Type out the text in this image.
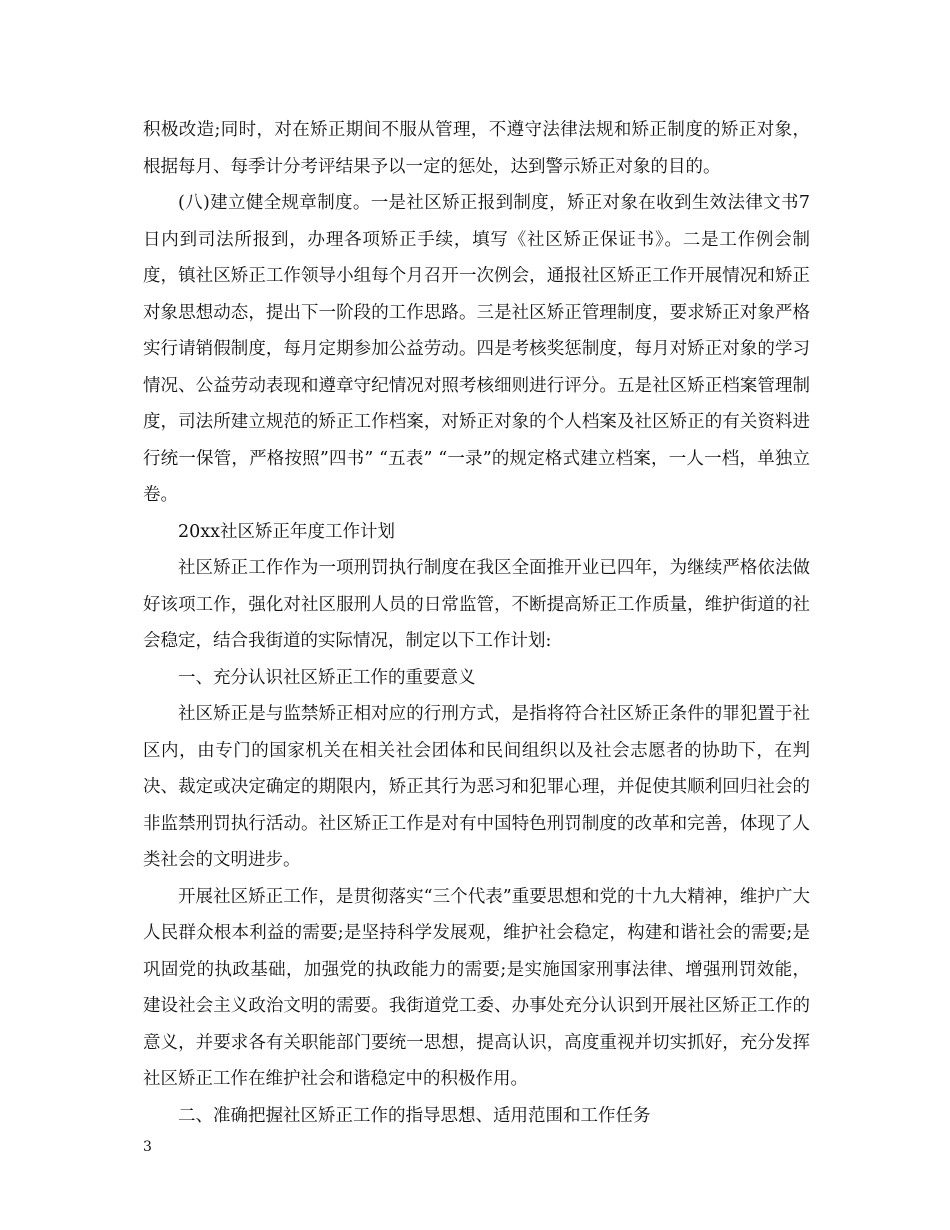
积极改造;同时，对在矫正期间不服从管理，不遵守法律法规和矫正制度的矫正对象，根据每月、每季计分考评结果予以一定的惩处，达到警示矫正对象的目的。

(八)建立健全规章制度。一是社区矫正报到制度，矫正对象在收到生效法律文书7日内到司法所报到，办理各项矫正手续，填写《社区矫正保证书》。二是工作例会制度，镇社区矫正工作领导小组每个月召开一次例会，通报社区矫正工作开展情况和矫正对象思想动态，提出下一阶段的工作思路。三是社区矫正管理制度，要求矫正对象严格实行请销假制度，每月定期参加公益劳动。四是考核奖惩制度，每月对矫正对象的学习情况、公益劳动表现和遵章守纪情况对照考核细则进行评分。五是社区矫正档案管理制度，司法所建立规范的矫正工作档案，对矫正对象的个人档案及社区矫正的有关资料进行统一保管，严格按照”四书” “五表” “一录”的规定格式建立档案，一人一档，单独立卷。

20xx社区矫正年度工作计划

社区矫正工作作为一项刑罚执行制度在我区全面推开业已四年，为继续严格依法做好该项工作，强化对社区服刑人员的日常监管，不断提高矫正工作质量，维护街道的社会稳定，结合我街道的实际情况，制定以下工作计划:

一、充分认识社区矫正工作的重要意义

社区矫正是与监禁矫正相对应的行刑方式，是指将符合社区矫正条件的罪犯置于社区内，由专门的国家机关在相关社会团体和民间组织以及社会志愿者的协助下，在判决、裁定或决定确定的期限内，矫正其行为恶习和犯罪心理，并促使其顺利回归社会的非监禁刑罚执行活动。社区矫正工作是对有中国特色刑罚制度的改革和完善，体现了人类社会的文明进步。

开展社区矫正工作，是贯彻落实“三个代表”重要思想和党的十九大精神，维护广大人民群众根本利益的需要;是坚持科学发展观，维护社会稳定，构建和谐社会的需要;是巩固党的执政基础，加强党的执政能力的需要;是实施国家刑事法律、增强刑罚效能，建设社会主义政治文明的需要。我街道党工委、办事处充分认识到开展社区矫正工作的意义，并要求各有关职能部门要统一思想，提高认识，高度重视并切实抓好，充分发挥社区矫正工作在维护社会和谐稳定中的积极作用。

二、准确把握社区矫正工作的指导思想、适用范围和工作任务

3
